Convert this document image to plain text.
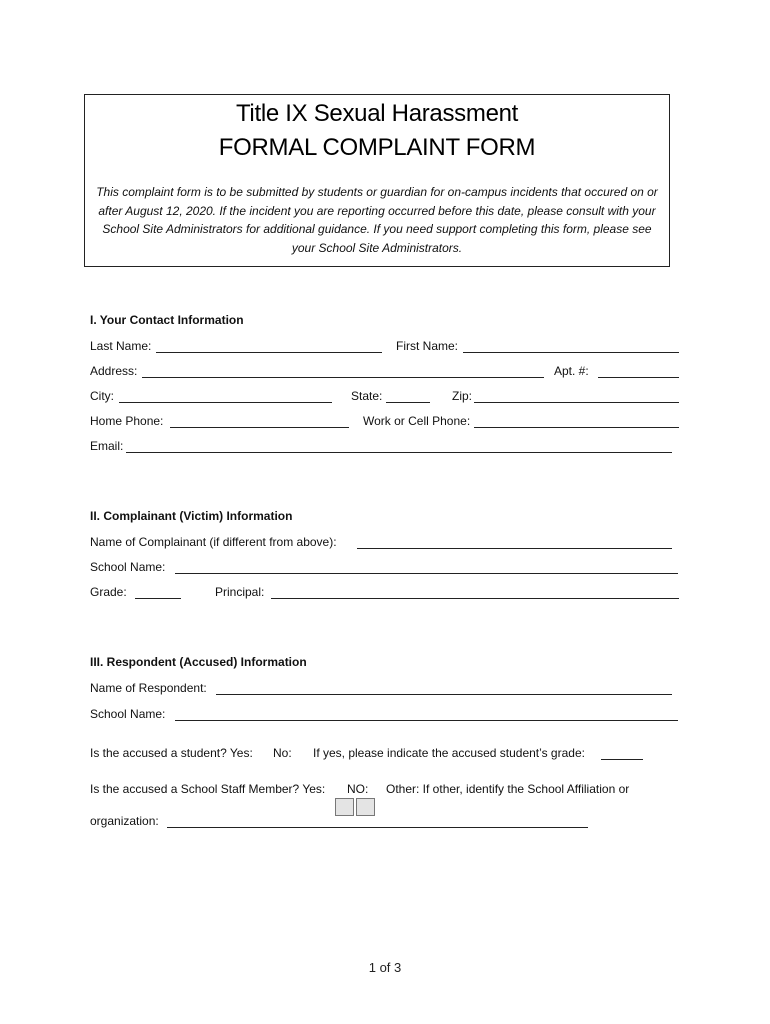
Title IX Sexual Harassment
FORMAL COMPLAINT FORM
This complaint form is to be submitted by students or guardian for on-campus incidents that occured on or after August 12, 2020. If the incident you are reporting occurred before this date, please consult with your School Site Administrators for additional guidance. If you need support completing this form, please see your School Site Administrators.
I. Your Contact Information
Last Name:	First Name:
Address:	Apt. #:
City:	State:	Zip:
Home Phone:	Work or Cell Phone:
Email:
II. Complainant (Victim) Information
Name of Complainant (if different from above):
School Name:
Grade:	Principal:
III. Respondent (Accused) Information
Name of Respondent:
School Name:
Is the accused a student? Yes: No: If yes, please indicate the accused student’s grade:
Is the accused a School Staff Member? Yes: NO: Other: If other, identify the School Affiliation or
organization:
1 of 3
